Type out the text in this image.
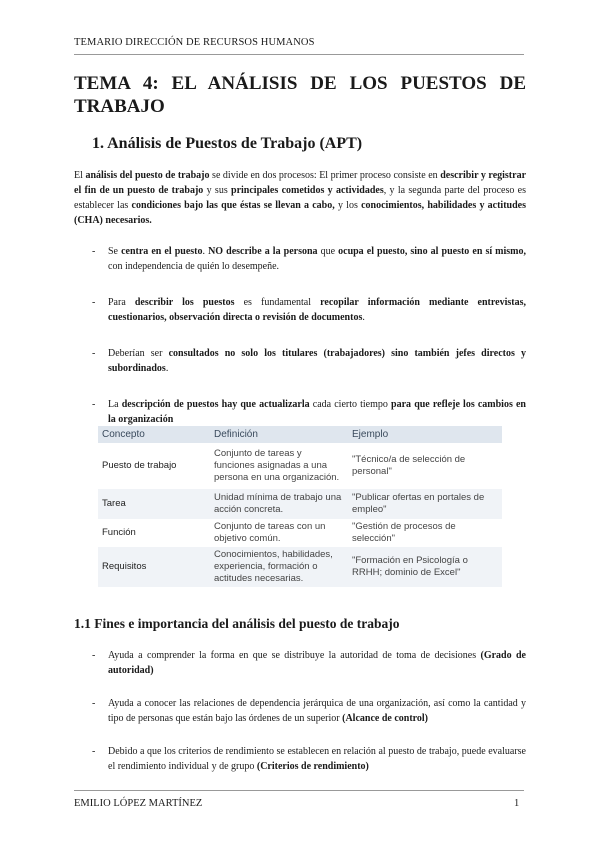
TEMARIO DIRECCIÓN DE RECURSOS HUMANOS
TEMA 4: EL ANÁLISIS DE LOS PUESTOS DE
TRABAJO
1. Análisis de Puestos de Trabajo (APT)

El análisis del puesto de trabajo se divide en dos procesos: El primer proceso consiste en describir y registrar el fin de un puesto de trabajo y sus principales cometidos y actividades, y la segunda parte del proceso es establecer las condiciones bajo las que éstas se llevan a cabo, y los conocimientos, habilidades y actitudes (CHA) necesarios.

- Se centra en el puesto. NO describe a la persona que ocupa el puesto, sino al puesto en sí mismo, con independencia de quién lo desempeñe.
- Para describir los puestos es fundamental recopilar información mediante entrevistas, cuestionarios, observación directa o revisión de documentos.
- Deberían ser consultados no solo los titulares (trabajadores) sino también jefes directos y subordinados.
- La descripción de puestos hay que actualizarla cada cierto tiempo para que refleje los cambios en la organización
Concepto	Definición	Ejemplo
Puesto de trabajo	Conjunto de tareas y funciones asignadas a una persona en una organización.	"Técnico/a de selección de personal"
Tarea	Unidad mínima de trabajo una acción concreta.	"Publicar ofertas en portales de empleo"
Función	Conjunto de tareas con un objetivo común.	"Gestión de procesos de selección"
Requisitos	Conocimientos, habilidades, experiencia, formación o actitudes necesarias.	"Formación en Psicología o RRHH; dominio de Excel"
1.1 Fines e importancia del análisis del puesto de trabajo
- Ayuda a comprender la forma en que se distribuye la autoridad de toma de decisiones (Grado de autoridad)
- Ayuda a conocer las relaciones de dependencia jerárquica de una organización, así como la cantidad y tipo de personas que están bajo las órdenes de un superior (Alcance de control)
- Debido a que los criterios de rendimiento se establecen en relación al puesto de trabajo, puede evaluarse el rendimiento individual y de grupo (Criterios de rendimiento)
EMILIO LÓPEZ MARTÍNEZ	1
